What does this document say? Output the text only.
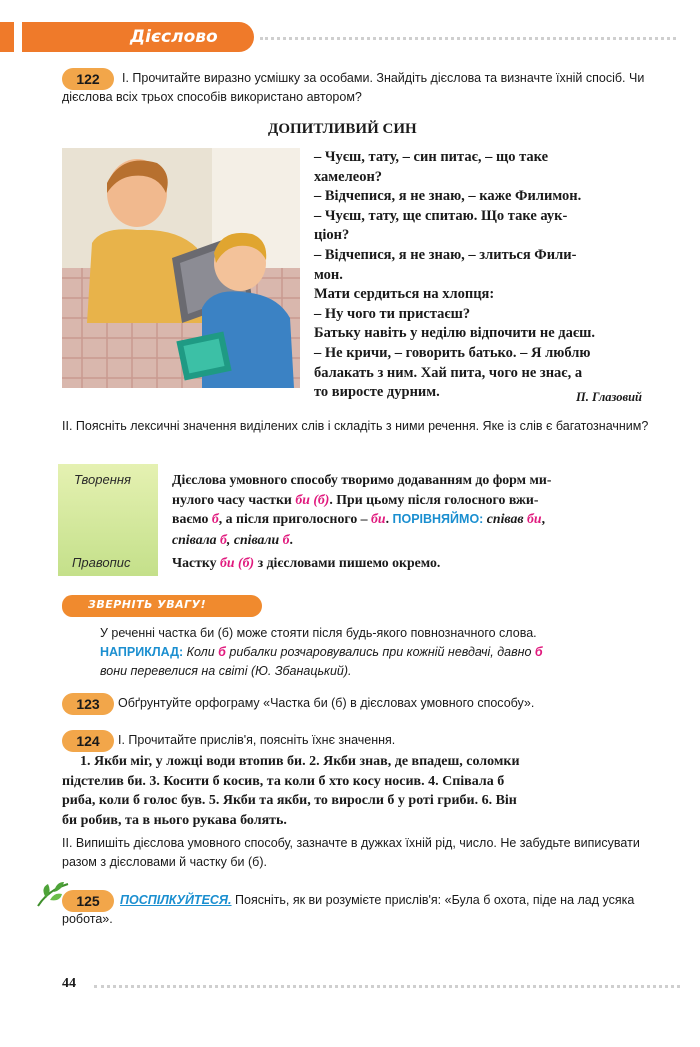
Дієслово
122	І. Прочитайте виразно усмішку за особами. Знайдіть дієслова та визначте їхній спосіб. Чи дієслова всіх трьох способів використано автором?

ДОПИТЛИВИЙ СИН

– Чуєш, тату, – син питає, – що таке

хамелеон?

– Відчепися, я не знаю, – каже Филимон.

– Чуєш, тату, ще спитаю. Що таке аук-

ціон?

– Відчепися, я не знаю, – злиться Фили-

мон.

Мати сердиться на хлопця:

– Ну чого ти пристаєш?

Батьку навіть у неділю відпочити не даєш.

– Не кричи, – говорить батько. – Я люблю

балакать з ним. Хай пита, чого не знає, а

то виросте дурним.	П. Глазовий

ІІ. Поясніть лексичні значення виділених слів і складіть з ними речення. Яке із слів є багатозначним?

Творення
Правопис

Дієслова умовного способу творимо додаванням до форм ми-

нулого часу частки би (б). При цьому після голосного вжи-

ваємо б, а після приголосного – би. ПОРІВНЯЙМО: співав би,

співала б, співали б.

Частку би (б) з дієсловами пишемо окремо.
ЗВЕРНІТЬ УВАГУ!

У реченні частка би (б) може стояти після будь-якого повнозначного слова.

НАПРИКЛАД: Коли б рибалки розчаровувались при кожній невдачі, давно б

вони перевелися на світі (Ю. Збанацький).

123	Обґрунтуйте орфограму «Частка би (б) в дієсловах умовного способу».

124	І. Прочитайте прислів'я, поясніть їхнє значення.

1. Якби міг, у ложці води втопив би. 2. Якби знав, де впадеш, соломки

підстелив би. 3. Косити б косив, та коли б хто косу носив. 4. Співала б

риба, коли б голос був. 5. Якби та якби, то виросли б у роті гриби. 6. Він

би робив, та в нього рукава болять.

ІІ. Випишіть дієслова умовного способу, зазначте в дужках їхній рід, число. Не забудьте виписувати разом з дієсловами й частку би (б).

125	ПОСПІЛКУЙТЕСЯ. Поясніть, як ви розумієте прислів'я: «Була б охота, піде на лад усяка робота».

44
